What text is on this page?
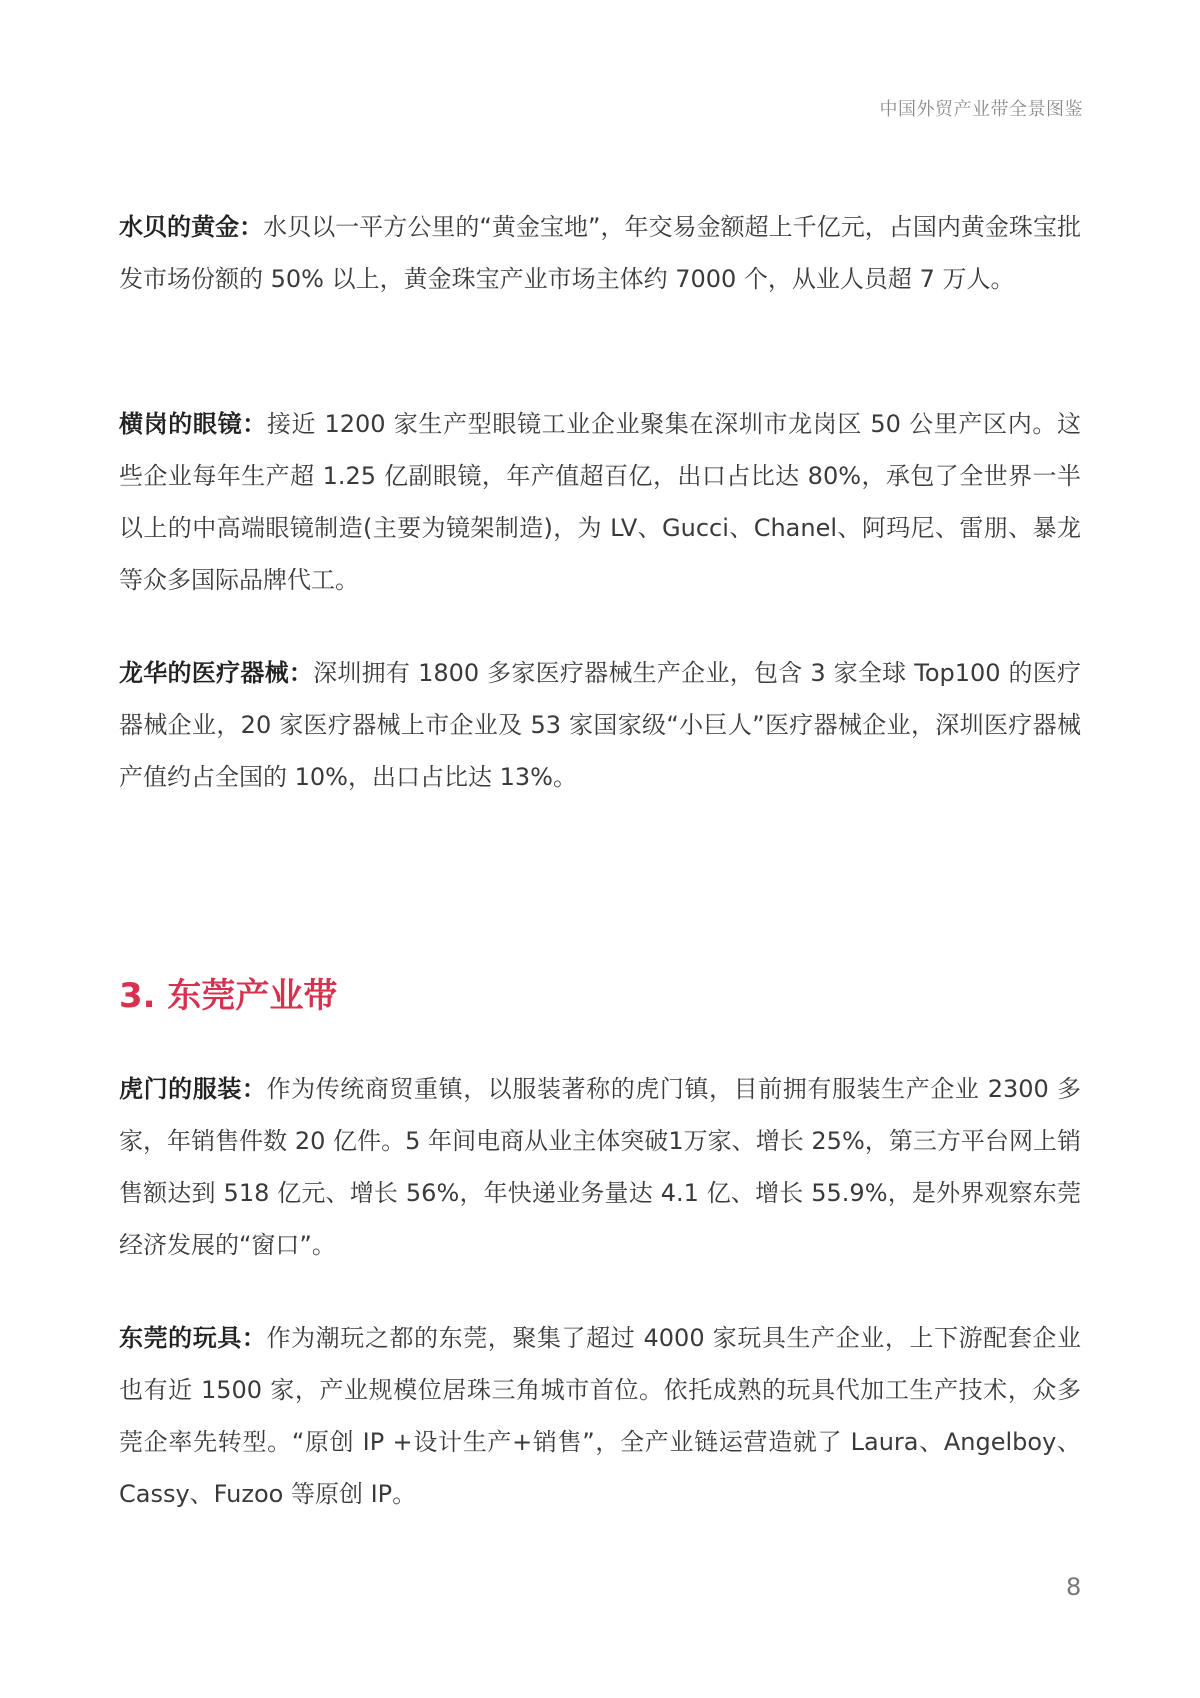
中国外贸产业带全景图鉴

水贝的黄金：水贝以一平方公里的“黄金宝地”，年交易金额超上千亿元，占国内黄金珠宝批发市场份额的 50% 以上，黄金珠宝产业市场主体约 7000 个，从业人员超 7 万人。

横岗的眼镜：接近 1200 家生产型眼镜工业企业聚集在深圳市龙岗区 50 公里产区内。这些企业每年生产超 1.25 亿副眼镜，年产值超百亿，出口占比达 80%，承包了全世界一半以上的中高端眼镜制造(主要为镜架制造)，为 LV、Gucci、Chanel、阿玛尼、雷朋、暴龙等众多国际品牌代工。

龙华的医疗器械：深圳拥有 1800 多家医疗器械生产企业，包含 3 家全球 Top100 的医疗器械企业，20 家医疗器械上市企业及 53 家国家级“小巨人”医疗器械企业，深圳医疗器械产值约占全国的 10%，出口占比达 13%。

3. 东莞产业带

虎门的服装：作为传统商贸重镇，以服装著称的虎门镇，目前拥有服装生产企业 2300 多家，年销售件数 20 亿件。5 年间电商从业主体突破1万家、增长 25%，第三方平台网上销售额达到 518 亿元、增长 56%，年快递业务量达 4.1 亿、增长 55.9%，是外界观察东莞经济发展的“窗口”。

东莞的玩具：作为潮玩之都的东莞，聚集了超过 4000 家玩具生产企业，上下游配套企业也有近 1500 家，产业规模位居珠三角城市首位。依托成熟的玩具代加工生产技术，众多莞企率先转型。“原创 IP +设计生产+销售”，全产业链运营造就了 Laura、Angelboy、Cassy、Fuzoo 等原创 IP。

8
